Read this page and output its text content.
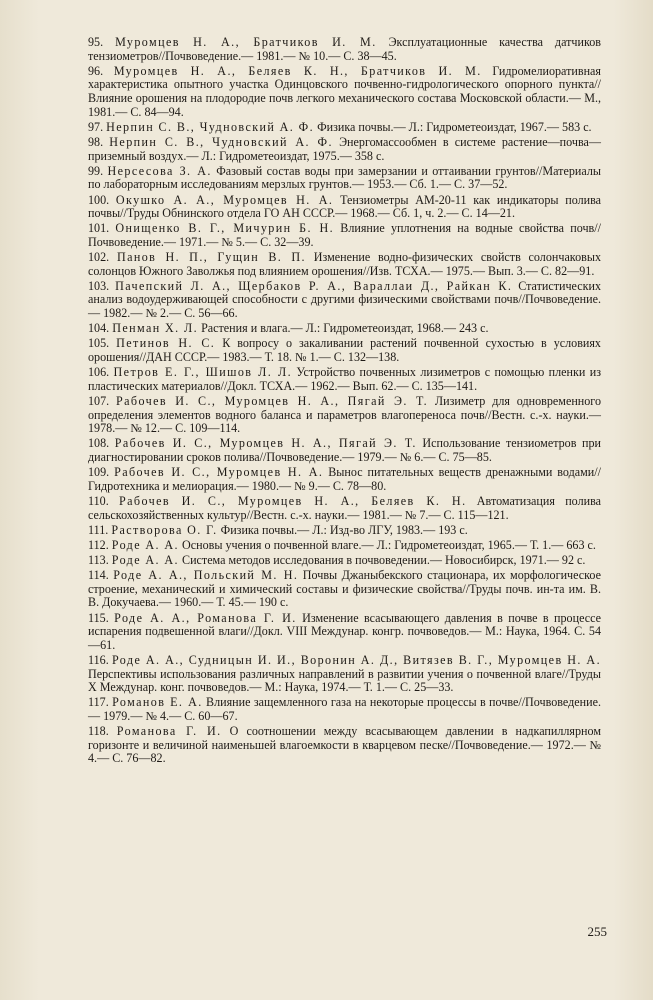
95. Муромцев Н. А., Братчиков И. М. Эксплуатационные качества датчиков тензиометров//Почвоведение.— 1981.— № 10.— С. 38—45.
96. Муромцев Н. А., Беляев К. Н., Братчиков И. М. Гидромелиоративная характеристика опытного участка Одинцовского почвенно-гидрологического опорного пункта//Влияние орошения на плодородие почв легкого механического состава Московской области.— М., 1981.— С. 84—94.
97. Нерпин С. В., Чудновский А. Ф. Физика почвы.— Л.: Гидрометеоиздат, 1967.— 583 с.
98. Нерпин С. В., Чудновский А. Ф. Энергомассообмен в системе растение—почва—приземный воздух.— Л.: Гидрометеоиздат, 1975.— 358 с.
99. Нерсесова З. А. Фазовый состав воды при замерзании и оттаивании грунтов//Материалы по лабораторным исследованиям мерзлых грунтов.— 1953.— Сб. 1.— С. 37—52.
100. Окушко А. А., Муромцев Н. А. Тензиометры АМ-20-11 как индикаторы полива почвы//Труды Обнинского отдела ГО АН СССР.— 1968.— Сб. 1, ч. 2.— С. 14—21.
101. Онищенко В. Г., Мичурин Б. Н. Влияние уплотнения на водные свойства почв//Почвоведение.— 1971.— № 5.— С. 32—39.
102. Панов Н. П., Гущин В. П. Изменение водно-физических свойств солончаковых солонцов Южного Заволжья под влиянием орошения//Изв. ТСХА.— 1975.— Вып. 3.— С. 82—91.
103. Пачепский Л. А., Щербаков Р. А., Вараллаи Д., Райкан К. Статистических анализ водоудерживающей способности с другими физическими свойствами почв//Почвоведение.— 1982.— № 2.— С. 56—66.
104. Пенман Х. Л. Растения и влага.— Л.: Гидрометеоиздат, 1968.— 243 с.
105. Петинов Н. С. К вопросу о закаливании растений почвенной сухостью в условиях орошения//ДАН СССР.— 1983.— Т. 18. № 1.— С. 132—138.
106. Петров Е. Г., Шишов Л. Л. Устройство почвенных лизиметров с помощью пленки из пластических материалов//Докл. ТСХА.— 1962.— Вып. 62.— С. 135—141.
107. Рабочев И. С., Муромцев Н. А., Пягай Э. Т. Лизиметр для одновременного определения элементов водного баланса и параметров влагопереноса почв//Вестн. с.-х. науки.— 1978.— № 12.— С. 109—114.
108. Рабочев И. С., Муромцев Н. А., Пягай Э. Т. Использование тензиометров при диагностировании сроков полива//Почвоведение.— 1979.— № 6.— С. 75—85.
109. Рабочев И. С., Муромцев Н. А. Вынос питательных веществ дренажными водами//Гидротехника и мелиорация.— 1980.— № 9.— С. 78—80.
110. Рабочев И. С., Муромцев Н. А., Беляев К. Н. Автоматизация полива сельскохозяйственных культур//Вестн. с.-х. науки.— 1981.— № 7.— С. 115—121.
111. Растворова О. Г. Физика почвы.— Л.: Изд-во ЛГУ, 1983.— 193 с.
112. Роде А. А. Основы учения о почвенной влаге.— Л.: Гидрометеоиздат, 1965.— Т. 1.— 663 с.
113. Роде А. А. Система методов исследования в почвоведении.— Новосибирск, 1971.— 92 с.
114. Роде А. А., Польский М. Н. Почвы Джаныбекского стационара, их морфологическое строение, механический и химический составы и физические свойства//Труды почв. ин-та им. В. В. Докучаева.— 1960.— Т. 45.— 190 с.
115. Роде А. А., Романова Г. И. Изменение всасывающего давления в почве в процессе испарения подвешенной влаги//Докл. VIII Междунар. конгр. почвоведов.— М.: Наука, 1964. С. 54—61.
116. Роде А. А., Судницын И. И., Воронин А. Д., Витязев В. Г., Муромцев Н. А. Перспективы использования различных направлений в развитии учения о почвенной влаге//Труды X Междунар. конг. почвоведов.— М.: Наука, 1974.— Т. 1.— С. 25—33.
117. Романов Е. А. Влияние защемленного газа на некоторые процессы в почве//Почвоведение.— 1979.— № 4.— С. 60—67.
118. Романова Г. И. О соотношении между всасывающем давлении в надкапиллярном горизонте и величиной наименьшей влагоемкости в кварцевом песке//Почвоведение.— 1972.— № 4.— С. 76—82.
255
